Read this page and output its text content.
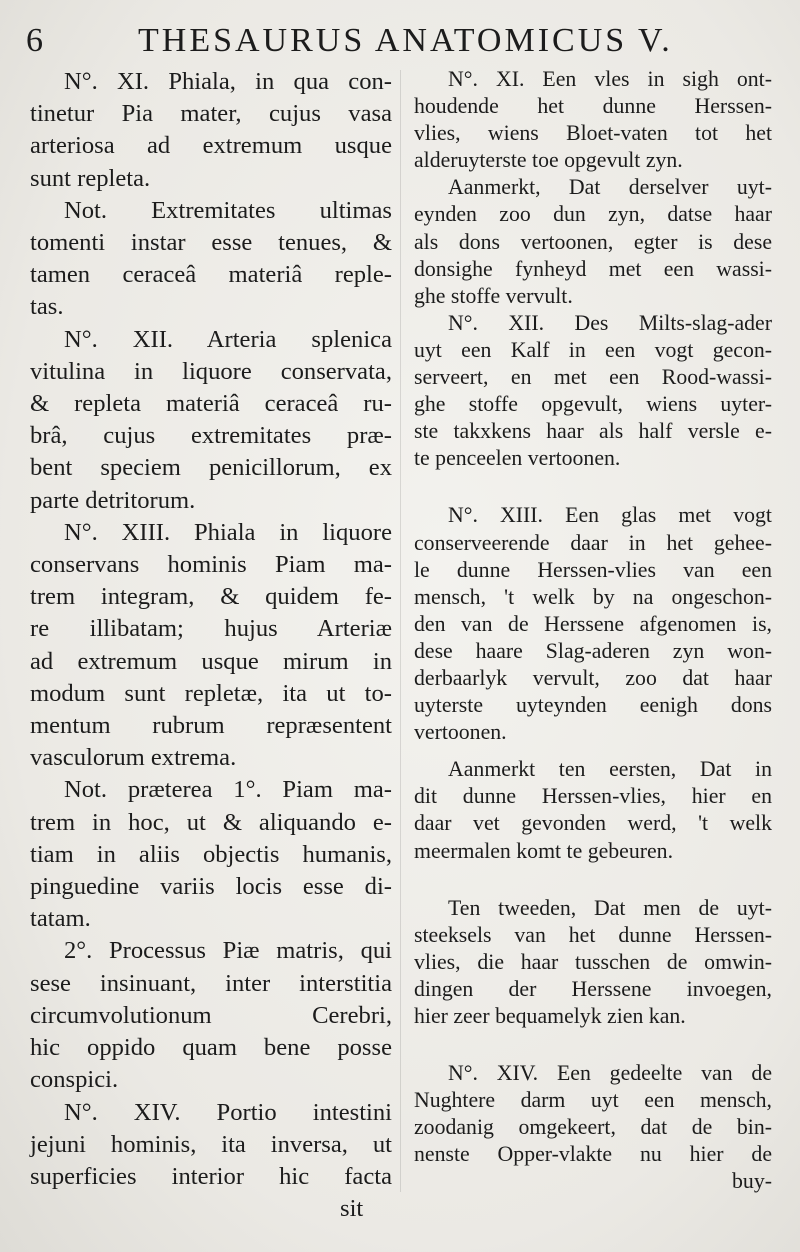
6	THESAURUS ANATOMICUS V.
N°. XI. Phiala, in qua con-
tinetur Pia mater, cujus vasa
arteriosa ad extremum usque
sunt repleta.
Not. Extremitates ultimas
tomenti instar esse tenues, &
tamen ceraceâ materiâ reple-
tas.
N°. XII. Arteria splenica
vitulina in liquore conservata,
& repleta materiâ ceraceâ ru-
brâ, cujus extremitates præ-
bent speciem penicillorum, ex
parte detritorum.
N°. XIII. Phiala in liquore
conservans hominis Piam ma-
trem integram, & quidem fe-
re illibatam; hujus Arteriæ
ad extremum usque mirum in
modum sunt repletæ, ita ut to-
mentum rubrum repræsentent
vasculorum extrema.
Not. præterea 1°. Piam ma-
trem in hoc, ut & aliquando e-
tiam in aliis objectis humanis,
pinguedine variis locis esse di-
tatam.
2°. Processus Piæ matris, qui
sese insinuant, inter interstitia
circumvolutionum Cerebri,
hic oppido quam bene posse
conspici.
N°. XIV. Portio intestini
jejuni hominis, ita inversa, ut
superficies interior hic facta
sit
N°. XI. Een vles in sigh ont-
houdende het dunne Herssen-
vlies, wiens Bloet-vaten tot het
alderuyterste toe opgevult zyn.
Aanmerkt, Dat derselver uyt-
eynden zoo dun zyn, datse haar
als dons vertoonen, egter is dese
donsighe fynheyd met een wassi-
ghe stoffe vervult.
N°. XII. Des Milts-slag-ader
uyt een Kalf in een vogt gecon-
serveert, en met een Rood-wassi-
ghe stoffe opgevult, wiens uyter-
ste takxkens haar als half versle e-
te penceelen vertoonen.
N°. XIII. Een glas met vogt
conserveerende daar in het gehee-
le dunne Herssen-vlies van een
mensch, 't welk by na ongeschon-
den van de Herssene afgenomen is,
dese haare Slag-aderen zyn won-
derbaarlyk vervult, zoo dat haar
uyterste uyteynden eenigh dons
vertoonen.
Aanmerkt ten eersten, Dat in
dit dunne Herssen-vlies, hier en
daar vet gevonden werd, 't welk
meermalen komt te gebeuren.
Ten tweeden, Dat men de uyt-
steeksels van het dunne Herssen-
vlies, die haar tusschen de omwin-
dingen der Herssene invoegen,
hier zeer bequamelyk zien kan.
N°. XIV. Een gedeelte van de
Nughtere darm uyt een mensch,
zoodanig omgekeert, dat de bin-
nenste Opper-vlakte nu hier de
buy-
